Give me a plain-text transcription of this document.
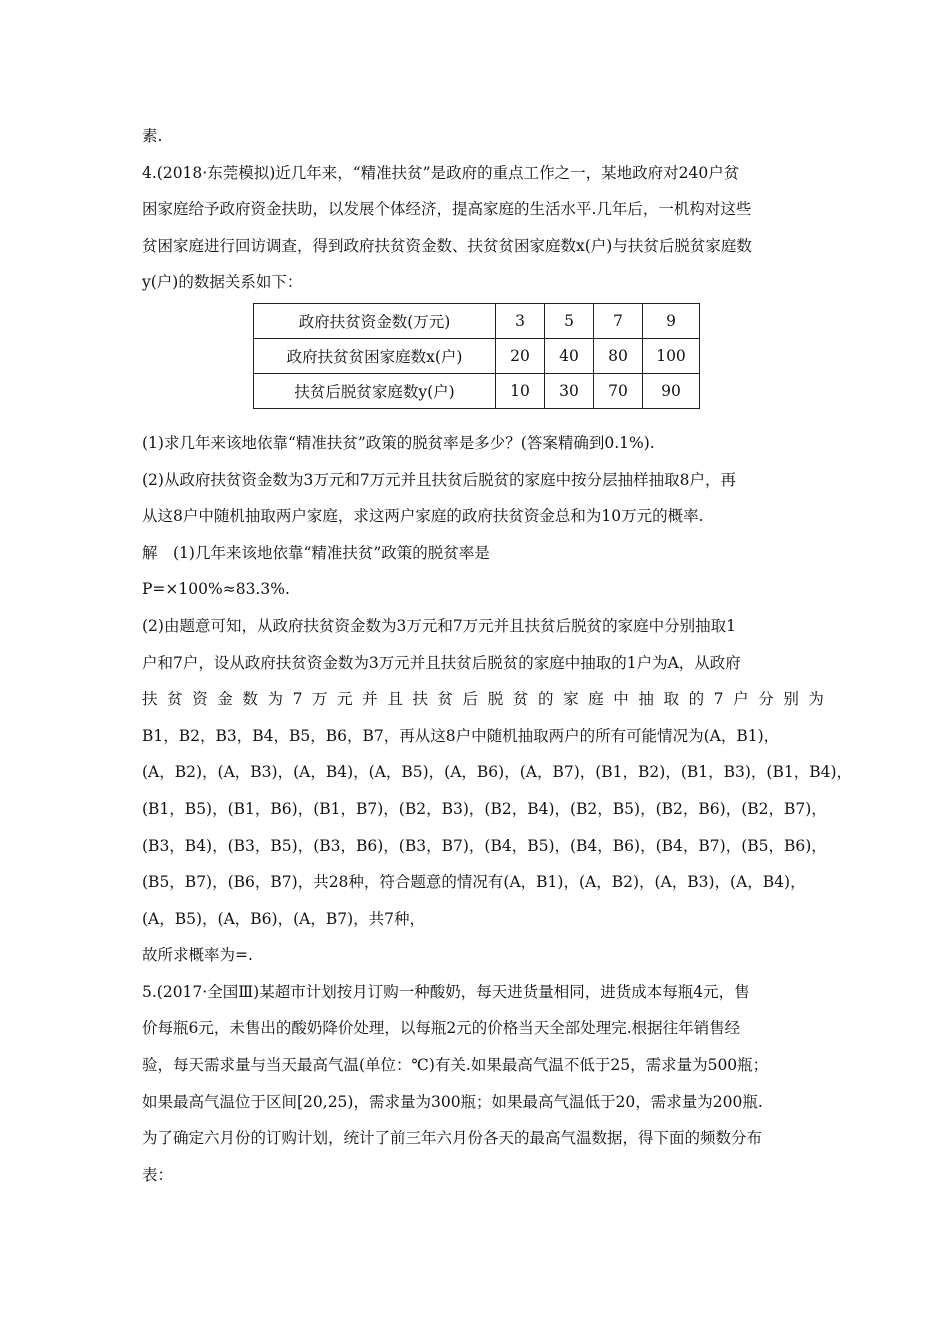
素.
4.(2018·东莞模拟)近几年来，“精准扶贫”是政府的重点工作之一，某地政府对240户贫
困家庭给予政府资金扶助，以发展个体经济，提高家庭的生活水平.几年后，一机构对这些
贫困家庭进行回访调查，得到政府扶贫资金数、扶贫贫困家庭数x(户)与扶贫后脱贫家庭数
y(户)的数据关系如下：
政府扶贫资金数(万元)	3	5	7	9
政府扶贫贫困家庭数x(户)	20	40	80	100
扶贫后脱贫家庭数y(户)	10	30	70	90
(1)求几年来该地依靠“精准扶贫”政策的脱贫率是多少？(答案精确到0.1%).
(2)从政府扶贫资金数为3万元和7万元并且扶贫后脱贫的家庭中按分层抽样抽取8户，再
从这8户中随机抽取两户家庭，求这两户家庭的政府扶贫资金总和为10万元的概率.
解　(1)几年来该地依靠“精准扶贫”政策的脱贫率是
P=×100%≈83.3%.
(2)由题意可知，从政府扶贫资金数为3万元和7万元并且扶贫后脱贫的家庭中分别抽取1
户和7户，设从政府扶贫资金数为3万元并且扶贫后脱贫的家庭中抽取的1户为A，从政府
扶贫资金数为7万元并且扶贫后脱贫的家庭中抽取的7户分别为
B1，B2，B3，B4，B5，B6，B7，再从这8户中随机抽取两户的所有可能情况为(A，B1)，
(A，B2)，(A，B3)，(A，B4)，(A，B5)，(A，B6)，(A，B7)，(B1，B2)，(B1，B3)，(B1，B4)，
(B1，B5)，(B1，B6)，(B1，B7)，(B2，B3)，(B2，B4)，(B2，B5)，(B2，B6)，(B2，B7)，
(B3，B4)，(B3，B5)，(B3，B6)，(B3，B7)，(B4，B5)，(B4，B6)，(B4，B7)，(B5，B6)，
(B5，B7)，(B6，B7)，共28种，符合题意的情况有(A，B1)，(A，B2)，(A，B3)，(A，B4)，
(A，B5)，(A，B6)，(A，B7)，共7种，
故所求概率为=.
5.(2017·全国Ⅲ)某超市计划按月订购一种酸奶，每天进货量相同，进货成本每瓶4元，售
价每瓶6元，未售出的酸奶降价处理，以每瓶2元的价格当天全部处理完.根据往年销售经
验，每天需求量与当天最高气温(单位：℃)有关.如果最高气温不低于25，需求量为500瓶；
如果最高气温位于区间[20,25)，需求量为300瓶；如果最高气温低于20，需求量为200瓶.
为了确定六月份的订购计划，统计了前三年六月份各天的最高气温数据，得下面的频数分布
表：
